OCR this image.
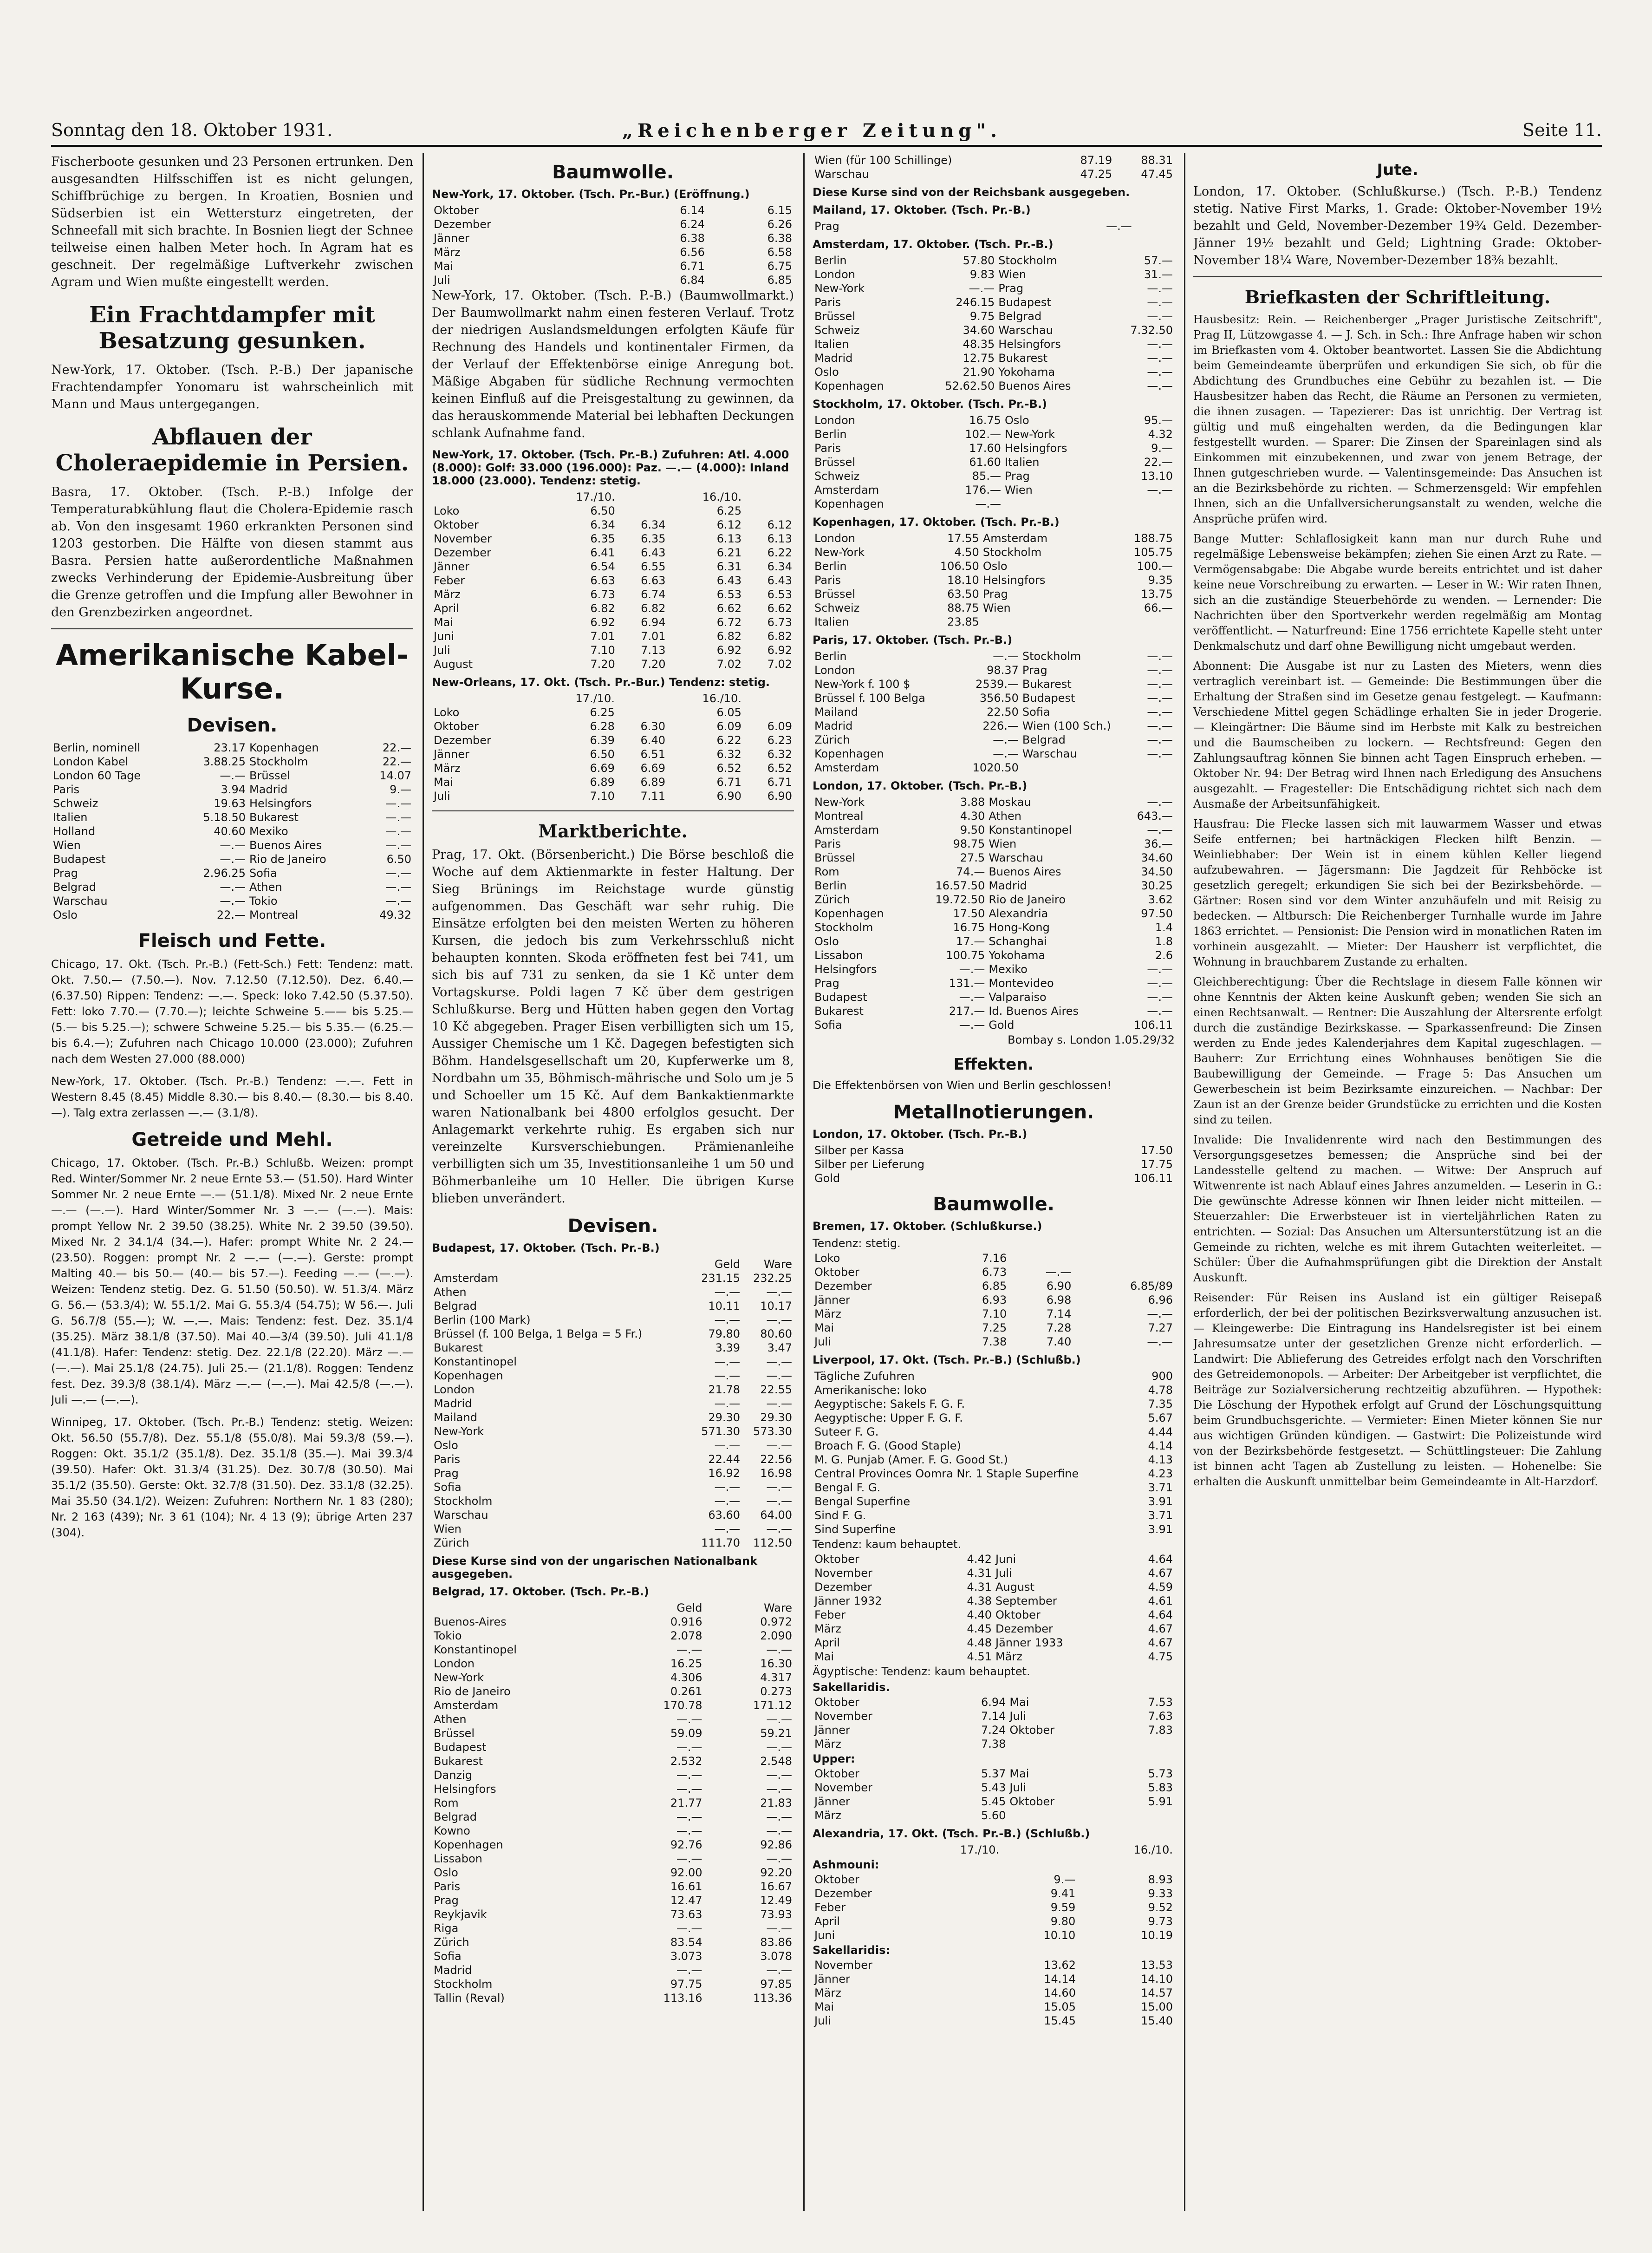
Sonntag den 18. Oktober 1931.	„Reichenberger Zeitung".	Seite 11.

Fischerboote gesunken und 23 Personen ertrunken. Den ausgesandten Hilfsschiffen ist es nicht gelungen, Schiffbrüchige zu bergen. In Kroatien, Bosnien und Südserbien ist ein Wettersturz eingetreten, der Schneefall mit sich brachte. In Bosnien liegt der Schnee teilweise einen halben Meter hoch. In Agram hat es geschneit. Der regelmäßige Luftverkehr zwischen Agram und Wien mußte eingestellt werden.

Ein Frachtdampfer mit Besatzung gesunken.

New-York, 17. Oktober. (Tsch. P.-B.) Der japanische Frachtendampfer Yonomaru ist wahrscheinlich mit Mann und Maus untergegangen.

Abflauen der Choleraepidemie in Persien.

Basra, 17. Oktober. (Tsch. P.-B.) Infolge der Temperaturabkühlung flaut die Cholera-Epidemie rasch ab. Von den insgesamt 1960 erkrankten Personen sind 1203 gestorben. Die Hälfte von diesen stammt aus Basra. Persien hatte außerordentliche Maßnahmen zwecks Verhinderung der Epidemie-Ausbreitung über die Grenze getroffen und die Impfung aller Bewohner in den Grenzbezirken angeordnet.

Amerikanische Kabel-Kurse.
Devisen.
Berlin, nominell	23.17	Kopenhagen	22.—
London Kabel	3.88.25	Stockholm	22.—
London 60 Tage	—.—	Brüssel	14.07
Paris	3.94	Madrid	9.—
Schweiz	19.63	Helsingfors	—.—
Italien	5.18.50	Bukarest	—.—
Holland	40.60	Mexiko	—.—
Wien	—.—	Buenos Aires	—.—
Budapest	—.—	Rio de Janeiro	6.50
Prag	2.96.25	Sofia	—.—
Belgrad	—.—	Athen	—.—
Warschau	—.—	Tokio	—.—
Oslo	22.—	Montreal	49.32
Fleisch und Fette.

Chicago, 17. Okt. (Tsch. Pr.-B.) (Fett-Sch.) Fett: Tendenz: matt. Okt. 7.50.— (7.50.—). Nov. 7.12.50 (7.12.50). Dez. 6.40.— (6.37.50) Rippen: Tendenz: —.—. Speck: loko 7.42.50 (5.37.50). Fett: loko 7.70.— (7.70.—); leichte Schweine 5.—— bis 5.25.— (5.— bis 5.25.—); schwere Schweine 5.25.— bis 5.35.— (6.25.— bis 6.4.—); Zufuhren nach Chicago 10.000 (23.000); Zufuhren nach dem Westen 27.000 (88.000)

New-York, 17. Oktober. (Tsch. Pr.-B.) Tendenz: —.—. Fett in Western 8.45 (8.45) Middle 8.30.— bis 8.40.— (8.30.— bis 8.40.—). Talg extra zerlassen —.— (3.1/8).

Getreide und Mehl.

Chicago, 17. Oktober. (Tsch. Pr.-B.) Schlußb. Weizen: prompt Red. Winter/Sommer Nr. 2 neue Ernte 53.— (51.50). Hard Winter Sommer Nr. 2 neue Ernte —.— (51.1/8). Mixed Nr. 2 neue Ernte —.— (—.—). Hard Winter/Sommer Nr. 3 —.— (—.—). Mais: prompt Yellow Nr. 2 39.50 (38.25). White Nr. 2 39.50 (39.50). Mixed Nr. 2 34.1/4 (34.—). Hafer: prompt White Nr. 2 24.— (23.50). Roggen: prompt Nr. 2 —.— (—.—). Gerste: prompt Malting 40.— bis 50.— (40.— bis 57.—). Feeding —.— (—.—). Weizen: Tendenz stetig. Dez. G. 51.50 (50.50). W. 51.3/4. März G. 56.— (53.3/4); W. 55.1/2. Mai G. 55.3/4 (54.75); W 56.—. Juli G. 56.7/8 (55.—); W. —.—. Mais: Tendenz: fest. Dez. 35.1/4 (35.25). März 38.1/8 (37.50). Mai 40.—3/4 (39.50). Juli 41.1/8 (41.1/8). Hafer: Tendenz: stetig. Dez. 22.1/8 (22.20). März —.— (—.—). Mai 25.1/8 (24.75). Juli 25.— (21.1/8). Roggen: Tendenz fest. Dez. 39.3/8 (38.1/4). März —.— (—.—). Mai 42.5/8 (—.—). Juli —.— (—.—).

Winnipeg, 17. Oktober. (Tsch. Pr.-B.) Tendenz: stetig. Weizen: Okt. 56.50 (55.7/8). Dez. 55.1/8 (55.0/8). Mai 59.3/8 (59.—). Roggen: Okt. 35.1/2 (35.1/8). Dez. 35.1/8 (35.—). Mai 39.3/4 (39.50). Hafer: Okt. 31.3/4 (31.25). Dez. 30.7/8 (30.50). Mai 35.1/2 (35.50). Gerste: Okt. 32.7/8 (31.50). Dez. 33.1/8 (32.25). Mai 35.50 (34.1/2). Weizen: Zufuhren: Northern Nr. 1 83 (280); Nr. 2 163 (439); Nr. 3 61 (104); Nr. 4 13 (9); übrige Arten 237 (304).

Baumwolle.
New-York, 17. Oktober. (Tsch. Pr.-Bur.) (Eröffnung.)
Oktober	6.14	6.15
Dezember	6.24	6.26
Jänner	6.38	6.38
März	6.56	6.58
Mai	6.71	6.75
Juli	6.84	6.85

New-York, 17. Oktober. (Tsch. P.-B.) (Baumwollmarkt.) Der Baumwollmarkt nahm einen festeren Verlauf. Trotz der niedrigen Auslandsmeldungen erfolgten Käufe für Rechnung des Handels und kontinentaler Firmen, da der Verlauf der Effektenbörse einige Anregung bot. Mäßige Abgaben für südliche Rechnung vermochten keinen Einfluß auf die Preisgestaltung zu gewinnen, da das herauskommende Material bei lebhaften Deckungen schlank Aufnahme fand.

New-York, 17. Oktober. (Tsch. Pr.-B.) Zufuhren: Atl. 4.000 (8.000): Golf: 33.000 (196.000): Paz. —.— (4.000): Inland 18.000 (23.000). Tendenz: stetig.
	17./10.		16./10.	
Loko	6.50		6.25	
Oktober	6.34	6.34	6.12	6.12
November	6.35	6.35	6.13	6.13
Dezember	6.41	6.43	6.21	6.22
Jänner	6.54	6.55	6.31	6.34
Feber	6.63	6.63	6.43	6.43
März	6.73	6.74	6.53	6.53
April	6.82	6.82	6.62	6.62
Mai	6.92	6.94	6.72	6.73
Juni	7.01	7.01	6.82	6.82
Juli	7.10	7.13	6.92	6.92
August	7.20	7.20	7.02	7.02
New-Orleans, 17. Okt. (Tsch. Pr.-Bur.) Tendenz: stetig.
	17./10.		16./10.	
Loko	6.25		6.05	
Oktober	6.28	6.30	6.09	6.09
Dezember	6.39	6.40	6.22	6.23
Jänner	6.50	6.51	6.32	6.32
März	6.69	6.69	6.52	6.52
Mai	6.89	6.89	6.71	6.71
Juli	7.10	7.11	6.90	6.90
Marktberichte.

Prag, 17. Okt. (Börsenbericht.) Die Börse beschloß die Woche auf dem Aktienmarkte in fester Haltung. Der Sieg Brünings im Reichstage wurde günstig aufgenommen. Das Geschäft war sehr ruhig. Die Einsätze erfolgten bei den meisten Werten zu höheren Kursen, die jedoch bis zum Verkehrsschluß nicht behaupten konnten. Skoda eröffneten fest bei 741, um sich bis auf 731 zu senken, da sie 1 Kč unter dem Vortagskurse. Poldi lagen 7 Kč über dem gestrigen Schlußkurse. Berg und Hütten haben gegen den Vortag 10 Kč abgegeben. Prager Eisen verbilligten sich um 15, Aussiger Chemische um 1 Kč. Dagegen befestigten sich Böhm. Handelsgesellschaft um 20, Kupferwerke um 8, Nordbahn um 35, Böhmisch-mährische und Solo um je 5 und Schoeller um 15 Kč. Auf dem Bankaktienmarkte waren Nationalbank bei 4800 erfolglos gesucht. Der Anlagemarkt verkehrte ruhig. Es ergaben sich nur vereinzelte Kursverschiebungen. Prämienanleihe verbilligten sich um 35, Investitionsanleihe 1 um 50 und Böhmerbanleihe um 10 Heller. Die übrigen Kurse blieben unverändert.

Devisen.
Budapest, 17. Oktober. (Tsch. Pr.-B.)
	Geld	Ware
Amsterdam	231.15	232.25
Athen	—.—	—.—
Belgrad	10.11	10.17
Berlin (100 Mark)	—.—	—.—
Brüssel (f. 100 Belga, 1 Belga = 5 Fr.)	79.80	80.60
Bukarest	3.39	3.47
Konstantinopel	—.—	—.—
Kopenhagen	—.—	—.—
London	21.78	22.55
Madrid	—.—	—.—
Mailand	29.30	29.30
New-York	571.30	573.30
Oslo	—.—	—.—
Paris	22.44	22.56
Prag	16.92	16.98
Sofia	—.—	—.—
Stockholm	—.—	—.—
Warschau	63.60	64.00
Wien	—.—	—.—
Zürich	111.70	112.50
Diese Kurse sind von der ungarischen Nationalbank ausgegeben.
Belgrad, 17. Oktober. (Tsch. Pr.-B.)
	Geld	Ware
Buenos-Aires	0.916	0.972
Tokio	2.078	2.090
Konstantinopel	—.—	—.—
London	16.25	16.30
New-York	4.306	4.317
Rio de Janeiro	0.261	0.273
Amsterdam	170.78	171.12
Athen	—.—	—.—
Brüssel	59.09	59.21
Budapest	—.—	—.—
Bukarest	2.532	2.548
Danzig	—.—	—.—
Helsingfors	—.—	—.—
Rom	21.77	21.83
Belgrad	—.—	—.—
Kowno	—.—	—.—
Kopenhagen	92.76	92.86
Lissabon	—.—	—.—
Oslo	92.00	92.20
Paris	16.61	16.67
Prag	12.47	12.49
Reykjavik	73.63	73.93
Riga	—.—	—.—
Zürich	83.54	83.86
Sofia	3.073	3.078
Madrid	—.—	—.—
Stockholm	97.75	97.85
Tallin (Reval)	113.16	113.36
Wien (für 100 Schillinge)	87.19	88.31
Warschau	47.25	47.45
Diese Kurse sind von der Reichsbank ausgegeben.
Mailand, 17. Oktober. (Tsch. Pr.-B.)
Prag	—.—		
Amsterdam, 17. Oktober. (Tsch. Pr.-B.)
Berlin	57.80	Stockholm	57.—
London	9.83	Wien	31.—
New-York	—.—	Prag	—.—
Paris	246.15	Budapest	—.—
Brüssel	9.75	Belgrad	—.—
Schweiz	34.60	Warschau	7.32.50
Italien	48.35	Helsingfors	—.—
Madrid	12.75	Bukarest	—.—
Oslo	21.90	Yokohama	—.—
Kopenhagen	52.62.50	Buenos Aires	—.—
Stockholm, 17. Oktober. (Tsch. Pr.-B.)
London	16.75	Oslo	95.—
Berlin	102.—	New-York	4.32
Paris	17.60	Helsingfors	9.—
Brüssel	61.60	Italien	22.—
Schweiz	85.—	Prag	13.10
Amsterdam	176.—	Wien	—.—
Kopenhagen	—.—		
Kopenhagen, 17. Oktober. (Tsch. Pr.-B.)
London	17.55	Amsterdam	188.75
New-York	4.50	Stockholm	105.75
Berlin	106.50	Oslo	100.—
Paris	18.10	Helsingfors	9.35
Brüssel	63.50	Prag	13.75
Schweiz	88.75	Wien	66.—
Italien	23.85		
Paris, 17. Oktober. (Tsch. Pr.-B.)
Berlin	—.—	Stockholm	—.—
London	98.37	Prag	—.—
New-York f. 100 $	2539.—	Bukarest	—.—
Brüssel f. 100 Belga	356.50	Budapest	—.—
Mailand	22.50	Sofia	—.—
Madrid	226.—	Wien (100 Sch.)	—.—
Zürich	—.—	Belgrad	—.—
Kopenhagen	—.—	Warschau	—.—
Amsterdam	1020.50		
London, 17. Oktober. (Tsch. Pr.-B.)
New-York	3.88	Moskau	—.—
Montreal	4.30	Athen	643.—
Amsterdam	9.50	Konstantinopel	—.—
Paris	98.75	Wien	36.—
Brüssel	27.5	Warschau	34.60
Rom	74.—	Buenos Aires	34.50
Berlin	16.57.50	Madrid	30.25
Zürich	19.72.50	Rio de Janeiro	3.62
Kopenhagen	17.50	Alexandria	97.50
Stockholm	16.75	Hong-Kong	1.4
Oslo	17.—	Schanghai	1.8
Lissabon	100.75	Yokohama	2.6
Helsingfors	—.—	Mexiko	—.—
Prag	131.—	Montevideo	—.—
Budapest	—.—	Valparaiso	—.—
Bukarest	217.—	Id. Buenos Aires	—.—
Sofia	—.—	Gold	106.11
Bombay s. London 1.05.29/32
Effekten.

Die Effektenbörsen von Wien und Berlin geschlossen!

Metallnotierungen.
London, 17. Oktober. (Tsch. Pr.-B.)
Silber per Kassa	17.50
Silber per Lieferung	17.75
Gold	106.11
Baumwolle.
Bremen, 17. Oktober. (Schlußkurse.)
Tendenz: stetig.
Loko	7.16		
Oktober	6.73	—.—	
Dezember	6.85	6.90	6.85/89
Jänner	6.93	6.98	6.96
März	7.10	7.14	—.—
Mai	7.25	7.28	7.27
Juli	7.38	7.40	—.—
Liverpool, 17. Okt. (Tsch. Pr.-B.) (Schlußb.)
Tägliche Zufuhren	900
Amerikanische: loko	4.78
Aegyptische: Sakels F. G. F.	7.35
Aegyptische: Upper F. G. F.	5.67
Suteer F. G.	4.44
Broach F. G. (Good Staple)	4.14
M. G. Punjab (Amer. F. G. Good St.)	4.13
Central Provinces Oomra Nr. 1 Staple Superfine	4.23
Bengal F. G.	3.71
Bengal Superfine	3.91
Sind F. G.	3.71
Sind Superfine	3.91
Tendenz: kaum behauptet.
Oktober	4.42	Juni	4.64
November	4.31	Juli	4.67
Dezember	4.31	August	4.59
Jänner 1932	4.38	September	4.61
Feber	4.40	Oktober	4.64
März	4.45	Dezember	4.67
April	4.48	Jänner 1933	4.67
Mai	4.51	März	4.75
Ägyptische: Tendenz: kaum behauptet.
Sakellaridis.
Oktober	6.94	Mai	7.53
November	7.14	Juli	7.63
Jänner	7.24	Oktober	7.83
März	7.38		
Upper:
Oktober	5.37	Mai	5.73
November	5.43	Juli	5.83
Jänner	5.45	Oktober	5.91
März	5.60		
Alexandria, 17. Okt. (Tsch. Pr.-B.) (Schlußb.)
	17./10.	16./10.
Ashmouni:
Oktober	9.—	8.93
Dezember	9.41	9.33
Feber	9.59	9.52
April	9.80	9.73
Juni	10.10	10.19
Sakellaridis:
November	13.62	13.53
Jänner	14.14	14.10
März	14.60	14.57
Mai	15.05	15.00
Juli	15.45	15.40
Jute.

London, 17. Oktober. (Schlußkurse.) (Tsch. P.-B.) Tendenz stetig. Native First Marks, 1. Grade: Oktober-November 19½ bezahlt und Geld, November-Dezember 19¾ Geld. Dezember-Jänner 19½ bezahlt und Geld; Lightning Grade: Oktober-November 18¼ Ware, November-Dezember 18⅜ bezahlt.

Briefkasten der Schriftleitung.

Hausbesitz: Rein. — Reichenberger „Prager Juristische Zeitschrift", Prag II, Lützowgasse 4. — J. Sch. in Sch.: Ihre Anfrage haben wir schon im Briefkasten vom 4. Oktober beantwortet. Lassen Sie die Abdichtung beim Gemeindeamte überprüfen und erkundigen Sie sich, ob für die Abdichtung des Grundbuches eine Gebühr zu bezahlen ist. — Die Hausbesitzer haben das Recht, die Räume an Personen zu vermieten, die ihnen zusagen. — Tapezierer: Das ist unrichtig. Der Vertrag ist gültig und muß eingehalten werden, da die Bedingungen klar festgestellt wurden. — Sparer: Die Zinsen der Spareinlagen sind als Einkommen mit einzubekennen, und zwar von jenem Betrage, der Ihnen gutgeschrieben wurde. — Valentinsgemeinde: Das Ansuchen ist an die Bezirksbehörde zu richten. — Schmerzensgeld: Wir empfehlen Ihnen, sich an die Unfallversicherungsanstalt zu wenden, welche die Ansprüche prüfen wird.

Bange Mutter: Schlaflosigkeit kann man nur durch Ruhe und regelmäßige Lebensweise bekämpfen; ziehen Sie einen Arzt zu Rate. — Vermögensabgabe: Die Abgabe wurde bereits entrichtet und ist daher keine neue Vorschreibung zu erwarten. — Leser in W.: Wir raten Ihnen, sich an die zuständige Steuerbehörde zu wenden. — Lernender: Die Nachrichten über den Sportverkehr werden regelmäßig am Montag veröffentlicht. — Naturfreund: Eine 1756 errichtete Kapelle steht unter Denkmalschutz und darf ohne Bewilligung nicht umgebaut werden.

Abonnent: Die Ausgabe ist nur zu Lasten des Mieters, wenn dies vertraglich vereinbart ist. — Gemeinde: Die Bestimmungen über die Erhaltung der Straßen sind im Gesetze genau festgelegt. — Kaufmann: Verschiedene Mittel gegen Schädlinge erhalten Sie in jeder Drogerie. — Kleingärtner: Die Bäume sind im Herbste mit Kalk zu bestreichen und die Baumscheiben zu lockern. — Rechtsfreund: Gegen den Zahlungsauftrag können Sie binnen acht Tagen Einspruch erheben. — Oktober Nr. 94: Der Betrag wird Ihnen nach Erledigung des Ansuchens ausgezahlt. — Fragesteller: Die Entschädigung richtet sich nach dem Ausmaße der Arbeitsunfähigkeit.

Hausfrau: Die Flecke lassen sich mit lauwarmem Wasser und etwas Seife entfernen; bei hartnäckigen Flecken hilft Benzin. — Weinliebhaber: Der Wein ist in einem kühlen Keller liegend aufzubewahren. — Jägersmann: Die Jagdzeit für Rehböcke ist gesetzlich geregelt; erkundigen Sie sich bei der Bezirksbehörde. — Gärtner: Rosen sind vor dem Winter anzuhäufeln und mit Reisig zu bedecken. — Altbursch: Die Reichenberger Turnhalle wurde im Jahre 1863 errichtet. — Pensionist: Die Pension wird in monatlichen Raten im vorhinein ausgezahlt. — Mieter: Der Hausherr ist verpflichtet, die Wohnung in brauchbarem Zustande zu erhalten.

Gleichberechtigung: Über die Rechtslage in diesem Falle können wir ohne Kenntnis der Akten keine Auskunft geben; wenden Sie sich an einen Rechtsanwalt. — Rentner: Die Auszahlung der Altersrente erfolgt durch die zuständige Bezirkskasse. — Sparkassenfreund: Die Zinsen werden zu Ende jedes Kalenderjahres dem Kapital zugeschlagen. — Bauherr: Zur Errichtung eines Wohnhauses benötigen Sie die Baubewilligung der Gemeinde. — Frage 5: Das Ansuchen um Gewerbeschein ist beim Bezirksamte einzureichen. — Nachbar: Der Zaun ist an der Grenze beider Grundstücke zu errichten und die Kosten sind zu teilen.

Invalide: Die Invalidenrente wird nach den Bestimmungen des Versorgungsgesetzes bemessen; die Ansprüche sind bei der Landesstelle geltend zu machen. — Witwe: Der Anspruch auf Witwenrente ist nach Ablauf eines Jahres anzumelden. — Leserin in G.: Die gewünschte Adresse können wir Ihnen leider nicht mitteilen. — Steuerzahler: Die Erwerbsteuer ist in vierteljährlichen Raten zu entrichten. — Sozial: Das Ansuchen um Altersunterstützung ist an die Gemeinde zu richten, welche es mit ihrem Gutachten weiterleitet. — Schüler: Über die Aufnahmsprüfungen gibt die Direktion der Anstalt Auskunft.

Reisender: Für Reisen ins Ausland ist ein gültiger Reisepaß erforderlich, der bei der politischen Bezirksverwaltung anzusuchen ist. — Kleingewerbe: Die Eintragung ins Handelsregister ist bei einem Jahresumsatze unter der gesetzlichen Grenze nicht erforderlich. — Landwirt: Die Ablieferung des Getreides erfolgt nach den Vorschriften des Getreidemonopols. — Arbeiter: Der Arbeitgeber ist verpflichtet, die Beiträge zur Sozialversicherung rechtzeitig abzuführen. — Hypothek: Die Löschung der Hypothek erfolgt auf Grund der Löschungsquittung beim Grundbuchsgerichte. — Vermieter: Einen Mieter können Sie nur aus wichtigen Gründen kündigen. — Gastwirt: Die Polizeistunde wird von der Bezirksbehörde festgesetzt. — Schüttlingsteuer: Die Zahlung ist binnen acht Tagen ab Zustellung zu leisten. — Hohenelbe: Sie erhalten die Auskunft unmittelbar beim Gemeindeamte in Alt-Harzdorf.
